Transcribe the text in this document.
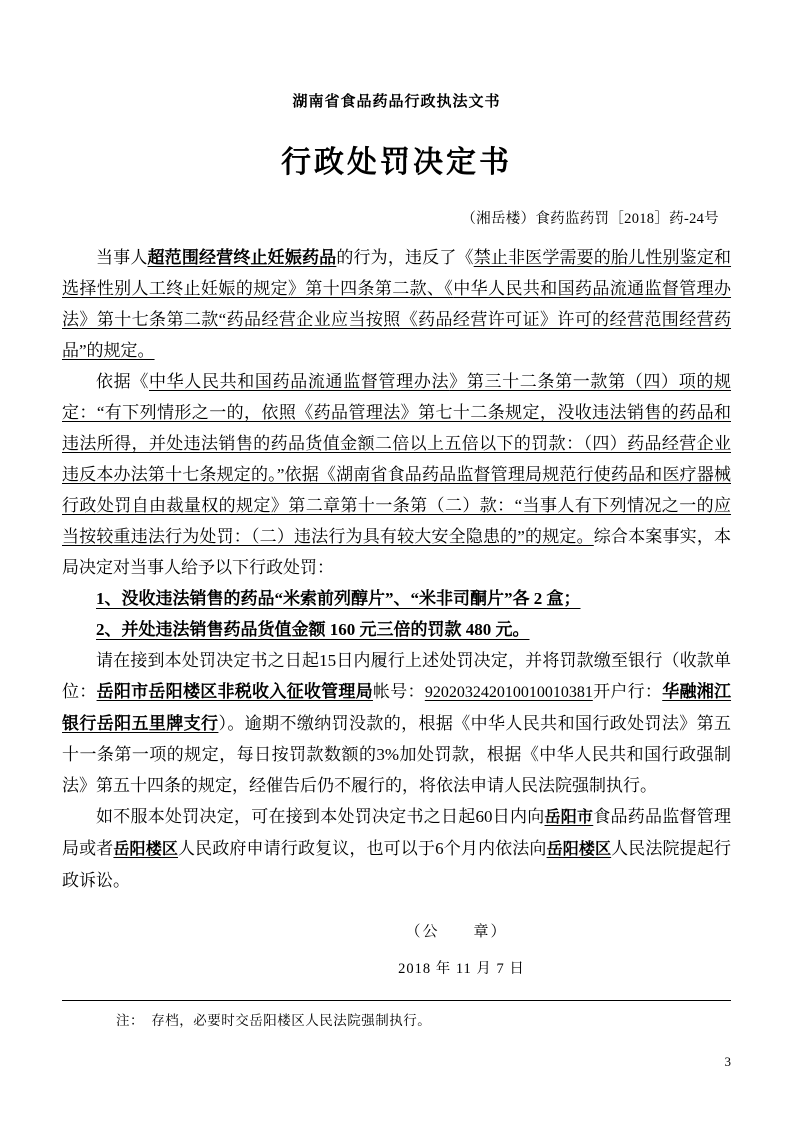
湖南省食品药品行政执法文书
行政处罚决定书
（湘岳楼）食药监药罚［2018］药-24号

当事人超范围经营终止妊娠药品的行为，违反了《禁止非医学需要的胎儿性别鉴定和选择性别人工终止妊娠的规定》第十四条第二款、《中华人民共和国药品流通监督管理办法》第十七条第二款“药品经营企业应当按照《药品经营许可证》许可的经营范围经营药品”的规定。

依据《中华人民共和国药品流通监督管理办法》第三十二条第一款第（四）项的规定：“有下列情形之一的，依照《药品管理法》第七十二条规定，没收违法销售的药品和违法所得，并处违法销售的药品货值金额二倍以上五倍以下的罚款：（四）药品经营企业违反本办法第十七条规定的。”依据《湖南省食品药品监督管理局规范行使药品和医疗器械行政处罚自由裁量权的规定》第二章第十一条第（二）款：“当事人有下列情况之一的应当按较重违法行为处罚：（二）违法行为具有较大安全隐患的”的规定。综合本案事实，本局决定对当事人给予以下行政处罚：

1、没收违法销售的药品“米索前列醇片”、“米非司酮片”各 2 盒；

2、并处违法销售药品货值金额 160 元三倍的罚款 480 元。

请在接到本处罚决定书之日起15日内履行上述处罚决定，并将罚款缴至银行（收款单位：岳阳市岳阳楼区非税收入征收管理局帐号：920203242010010010381开户行：华融湘江银行岳阳五里牌支行）。逾期不缴纳罚没款的，根据《中华人民共和国行政处罚法》第五十一条第一项的规定，每日按罚款数额的3%加处罚款，根据《中华人民共和国行政强制法》第五十四条的规定，经催告后仍不履行的，将依法申请人民法院强制执行。

如不服本处罚决定，可在接到本处罚决定书之日起60日内向岳阳市食品药品监督管理局或者岳阳楼区人民政府申请行政复议，也可以于6个月内依法向岳阳楼区人民法院提起行政诉讼。

（公　　章）
2018 年 11 月 7 日
注：　存档，必要时交岳阳楼区人民法院强制执行。
3
